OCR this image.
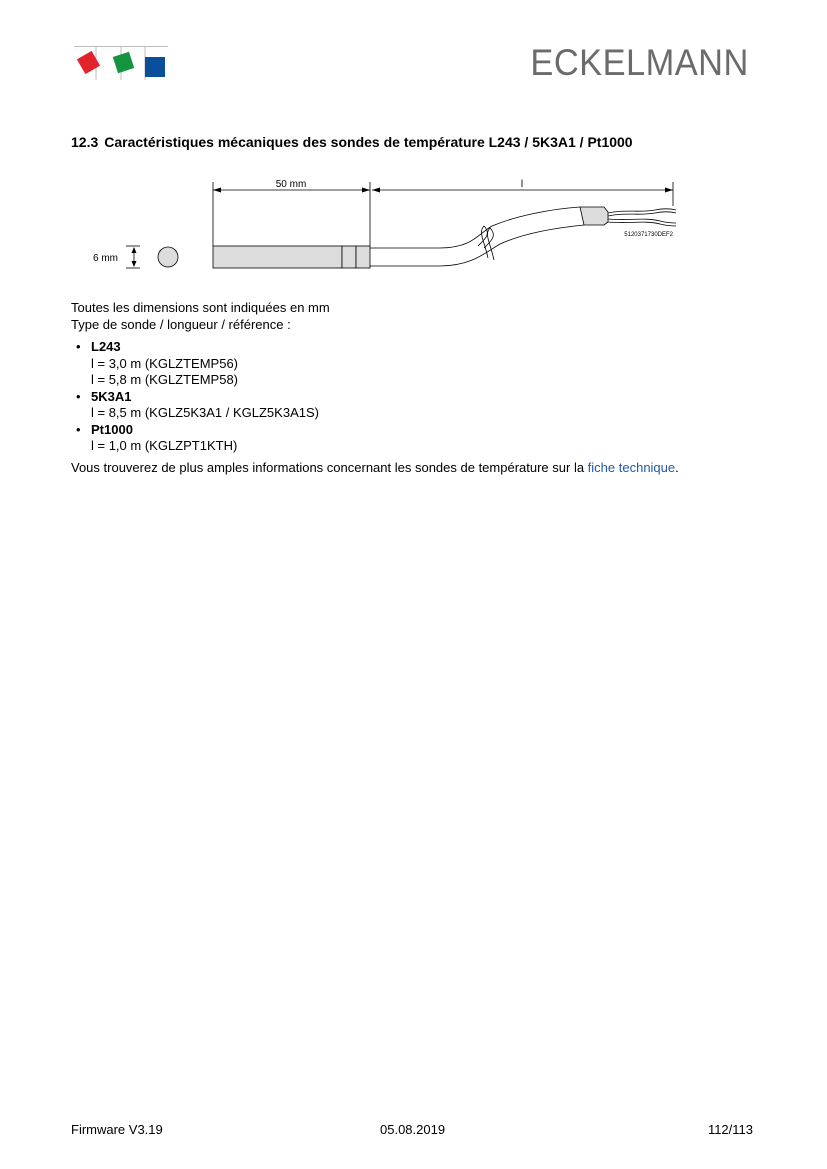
ECKELMANN
12.3 Caractéristiques mécaniques des sondes de température L243 / 5K3A1 / Pt1000
50 mm	l
6 mm
5120371730DEF2

Toutes les dimensions sont indiquées en mm

Type de sonde / longueur / référence :

• L243
l = 3,0 m (KGLZTEMP56)
l = 5,8 m (KGLZTEMP58)
• 5K3A1
l = 8,5 m (KGLZ5K3A1 / KGLZ5K3A1S)
• Pt1000
l = 1,0 m (KGLZPT1KTH)

Vous trouverez de plus amples informations concernant les sondes de température sur la fiche technique.

Firmware V3.19	05.08.2019	112/113
